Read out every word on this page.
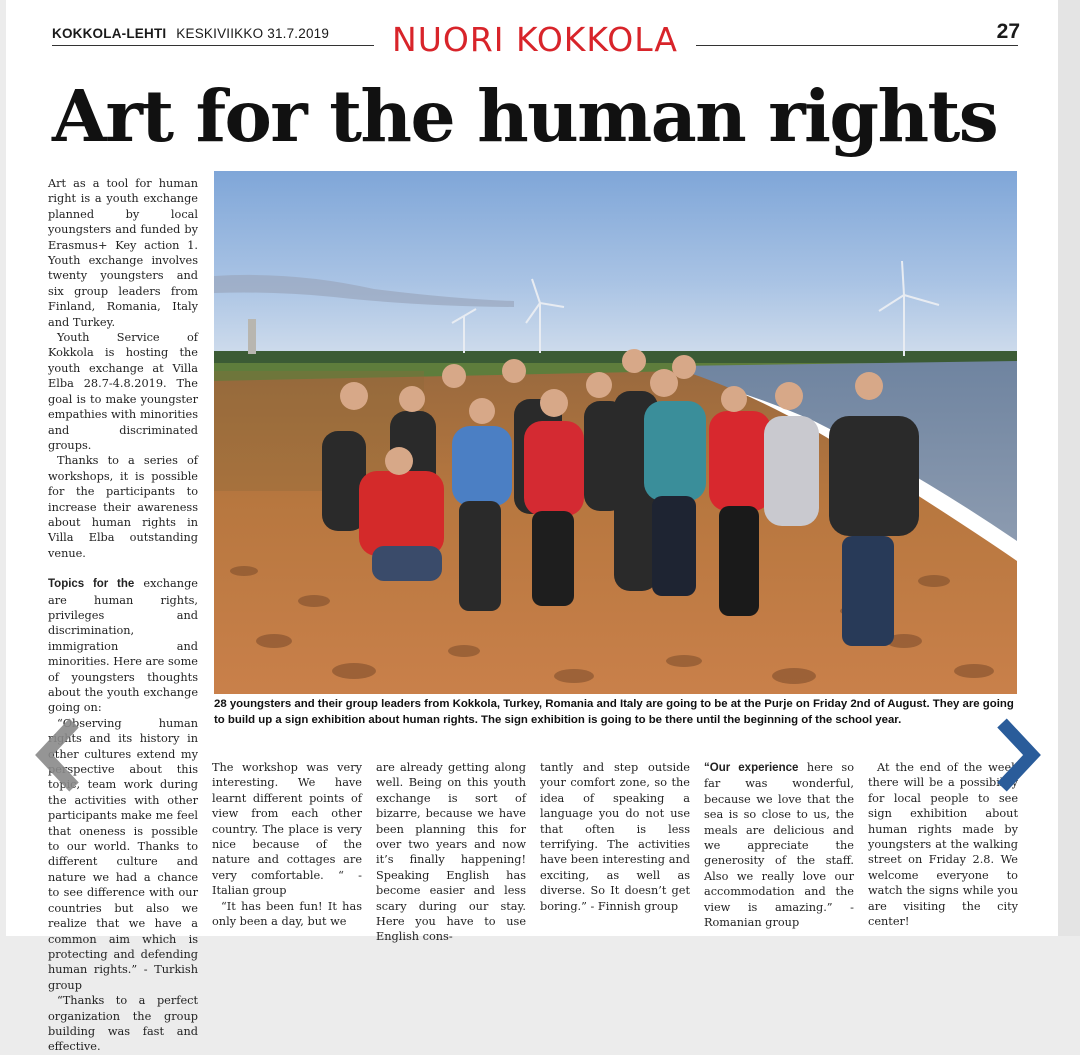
KOKKOLA-LEHTI KESKIVIIKKO 31.7.2019	NUORI KOKKOLA	27
Art for the human rights

Art as a tool for human right is a youth exchange planned by local youngsters and funded by Erasmus+ Key action 1. Youth exchange involves twenty youngsters and six group leaders from Finland, Romania, Italy and Turkey.

Youth Service of Kokkola is hosting the youth exchange at Villa Elba 28.7-4.8.2019. The goal is to make youngster empathies with minorities and discriminated groups.

Thanks to a series of workshops, it is possible for the participants to increase their awareness about human rights in Villa Elba outstanding venue.

Topics for the exchange are human rights, privileges and discrimination, immigration and minorities. Here are some of youngsters thoughts about the youth exchange going on:

“Observing human rights and its history in other cultures extend my perspective about this topic, team work during the activities with other participants make me feel that oneness is possible to our world. Thanks to different culture and nature we had a chance to see difference with our countries but also we realize that we have a common aim which is protecting and defending human rights.” - Turkish group

“Thanks to a perfect organization the group building was fast and effective.

28 youngsters and their group leaders from Kokkola, Turkey, Romania and Italy are going to be at the Purje on Friday 2nd of August. They are going to build up a sign exhibition about human rights. The sign exhibition is going to be there until the beginning of the school year.

The workshop was very interesting. We have learnt different points of view from each other country. The place is very nice because of the nature and cottages are very comfortable. “ -Italian group

“It has been fun! It has only been a day, but we

are already getting along well. Being on this youth exchange is sort of bizarre, because we have been planning this for over two years and now it’s finally happening! Speaking English has become easier and less scary during our stay. Here you have to use English cons-

tantly and step outside your comfort zone, so the idea of speaking a language you do not use that often is less terrifying. The activities have been interesting and exciting, as well as diverse. So It doesn’t get boring.” - Finnish group

“Our experience here so far was wonderful, because we love that the sea is so close to us, the meals are delicious and we appreciate the generosity of the staff. Also we really love our accommodation and the view is amazing.” - Romanian group

At the end of the week there will be a possibility for local people to see sign exhibition about human rights made by youngsters at the walking street on Friday 2.8. We welcome everyone to watch the signs while you are visiting the city center!
